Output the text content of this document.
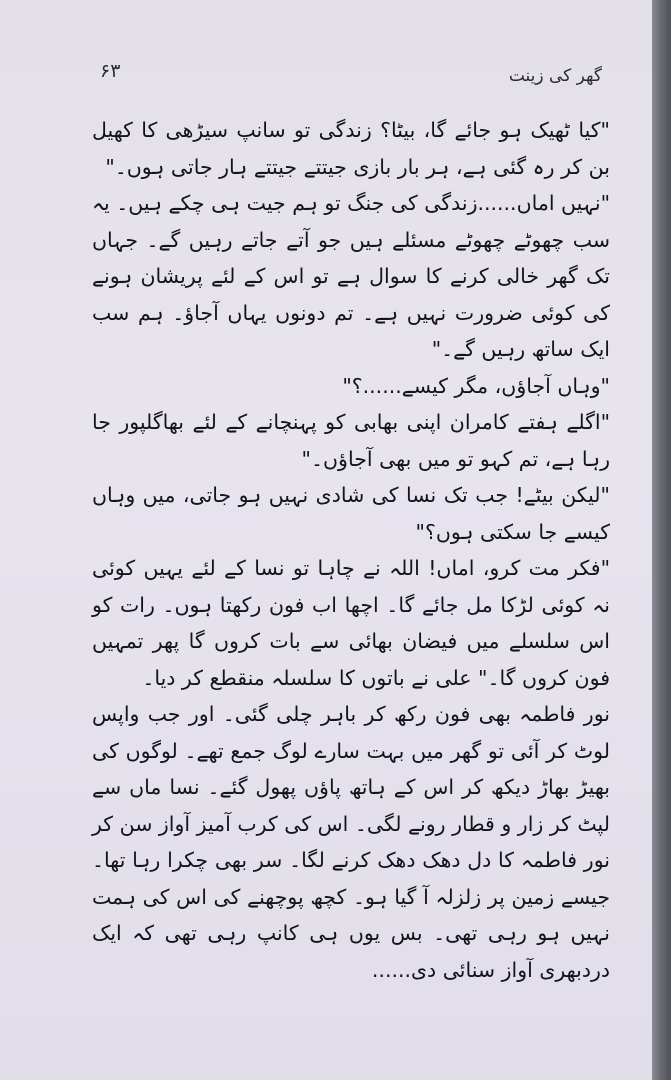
گھر کی زینت
۶۳

"کیا ٹھیک ہو جائے گا، بیٹا؟ زندگی تو سانپ سیڑھی کا کھیل بن کر رہ گئی ہے، ہر بار بازی جیتتے جیتتے ہار جاتی ہوں۔"

"نہیں اماں......زندگی کی جنگ تو ہم جیت ہی چکے ہیں۔ یہ سب چھوٹے چھوٹے مسئلے ہیں جو آتے جاتے رہیں گے۔ جہاں تک گھر خالی کرنے کا سوال ہے تو اس کے لئے پریشان ہونے کی کوئی ضرورت نہیں ہے۔ تم دونوں یہاں آجاؤ۔ ہم سب ایک ساتھ رہیں گے۔"

"وہاں آجاؤں، مگر کیسے......؟"

"اگلے ہفتے کامران اپنی بھابی کو پہنچانے کے لئے بھاگلپور جا رہا ہے، تم کہو تو میں بھی آجاؤں۔"

"لیکن بیٹے! جب تک نسا کی شادی نہیں ہو جاتی، میں وہاں کیسے جا سکتی ہوں؟"

"فکر مت کرو، اماں! اللہ نے چاہا تو نسا کے لئے یہیں کوئی نہ کوئی لڑکا مل جائے گا۔ اچھا اب فون رکھتا ہوں۔ رات کو اس سلسلے میں فیضان بھائی سے بات کروں گا پھر تمہیں فون کروں گا۔" علی نے باتوں کا سلسلہ منقطع کر دیا۔

نور فاطمہ بھی فون رکھ کر باہر چلی گئی۔ اور جب واپس لوٹ کر آئی تو گھر میں بہت سارے لوگ جمع تھے۔ لوگوں کی بھیڑ بھاڑ دیکھ کر اس کے ہاتھ پاؤں پھول گئے۔ نسا ماں سے لپٹ کر زار و قطار رونے لگی۔ اس کی کرب آمیز آواز سن کر نور فاطمہ کا دل دھک دھک کرنے لگا۔ سر بھی چکرا رہا تھا۔ جیسے زمین پر زلزلہ آ گیا ہو۔ کچھ پوچھنے کی اس کی ہمت نہیں ہو رہی تھی۔ بس یوں ہی کانپ رہی تھی کہ ایک دردبھری آواز سنائی دی......
